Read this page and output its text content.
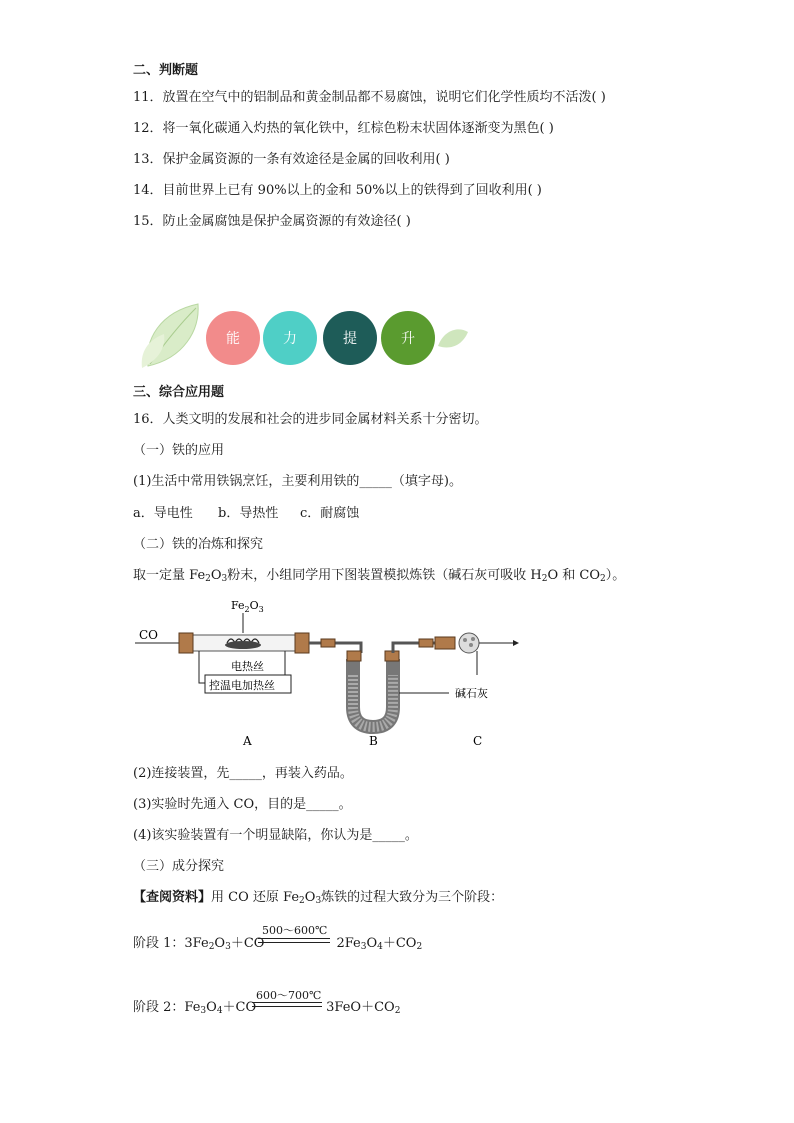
二、判断题
11．放置在空气中的铝制品和黄金制品都不易腐蚀，说明它们化学性质均不活泼( )
12．将一氧化碳通入灼热的氧化铁中，红棕色粉末状固体逐渐变为黑色( )
13．保护金属资源的一条有效途径是金属的回收利用( )
14．目前世界上已有 90%以上的金和 50%以上的铁得到了回收利用( )
15．防止金属腐蚀是保护金属资源的有效途径( )
能	力	提	升
三、综合应用题
16．人类文明的发展和社会的进步同金属材料关系十分密切。
（一）铁的应用
(1)生活中常用铁锅烹饪，主要利用铁的_____（填字母)。
a．导电性 b．导热性 c．耐腐蚀
（二）铁的冶炼和探究
取一定量 $Fe_2O_3$粉末，小组同学用下图装置模拟炼铁（碱石灰可吸收 $H_2O$ 和 $CO_2$）。
$Fe_2O_3$
CO
电热丝
控温电加热丝
碱石灰
A	B	C
(2)连接装置，先_____，再装入药品。
(3)实验时先通入 CO，目的是_____。
(4)该实验装置有一个明显缺陷，你认为是_____。
（三）成分探究
【查阅资料】用 CO 还原 $Fe_2O_3$炼铁的过程大致分为三个阶段：
阶段 1：$3Fe_2O_3+CO$	$2Fe_3O_4+CO_2$
500～600℃
阶段 2：$Fe_3O_4+CO$	$3FeO+CO_2$
600～700℃
